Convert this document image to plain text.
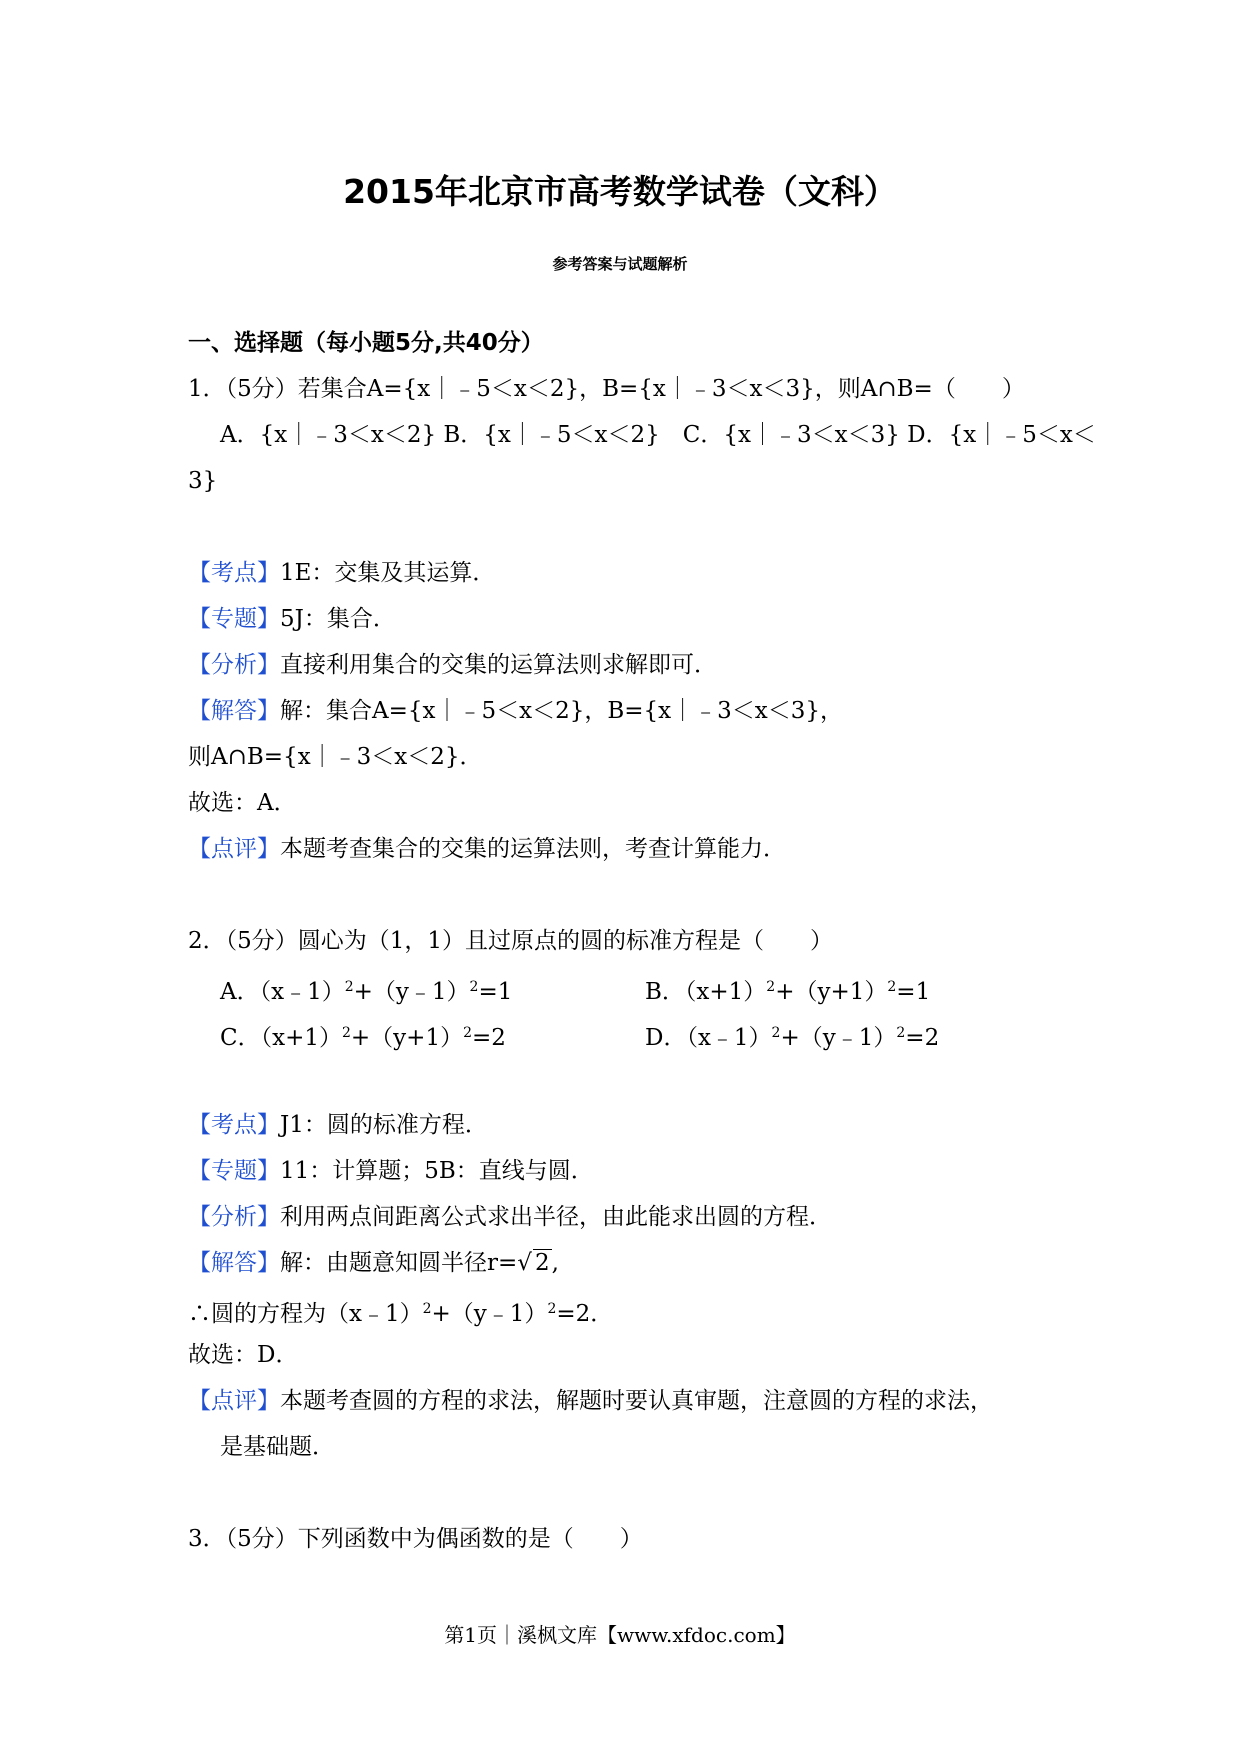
2015年北京市高考数学试卷（文科）
参考答案与试题解析
一、选择题（每小题5分,共40分）
1．（5分）若集合A={x｜﹣5＜x＜2}，B={x｜﹣3＜x＜3}，则A∩B=（　　）
A．{x｜﹣3＜x＜2} B．{x｜﹣5＜x＜2}　C．{x｜﹣3＜x＜3} D．{x｜﹣5＜x＜
3}
【考点】1E：交集及其运算．
【专题】5J：集合．
【分析】直接利用集合的交集的运算法则求解即可．
【解答】解：集合A={x｜﹣5＜x＜2}，B={x｜﹣3＜x＜3}，
则A∩B={x｜﹣3＜x＜2}．
故选：A．
【点评】本题考查集合的交集的运算法则，考查计算能力．
2．（5分）圆心为（1，1）且过原点的圆的标准方程是（　　）
A．（x﹣1）$^2$+（y﹣1）$^2$=1	B．$(x+1)^2+(y+1)^2=1$
C．$(x+1)^2+(y+1)^2=2$	D．（x﹣1）$^2$+（y﹣1）$^2$=2
【考点】J1：圆的标准方程．
【专题】11：计算题；5B：直线与圆．
【分析】利用两点间距离公式求出半径，由此能求出圆的方程．
【解答】解：由题意知圆半径r=√ 2,
∴圆的方程为（x﹣1）$^2$+（y﹣1）$^2$=2．
故选：D．
【点评】本题考查圆的方程的求法，解题时要认真审题，注意圆的方程的求法，
是基础题．
3．（5分）下列函数中为偶函数的是（　　）
第1页｜溪枫文库【www.xfdoc.com】
